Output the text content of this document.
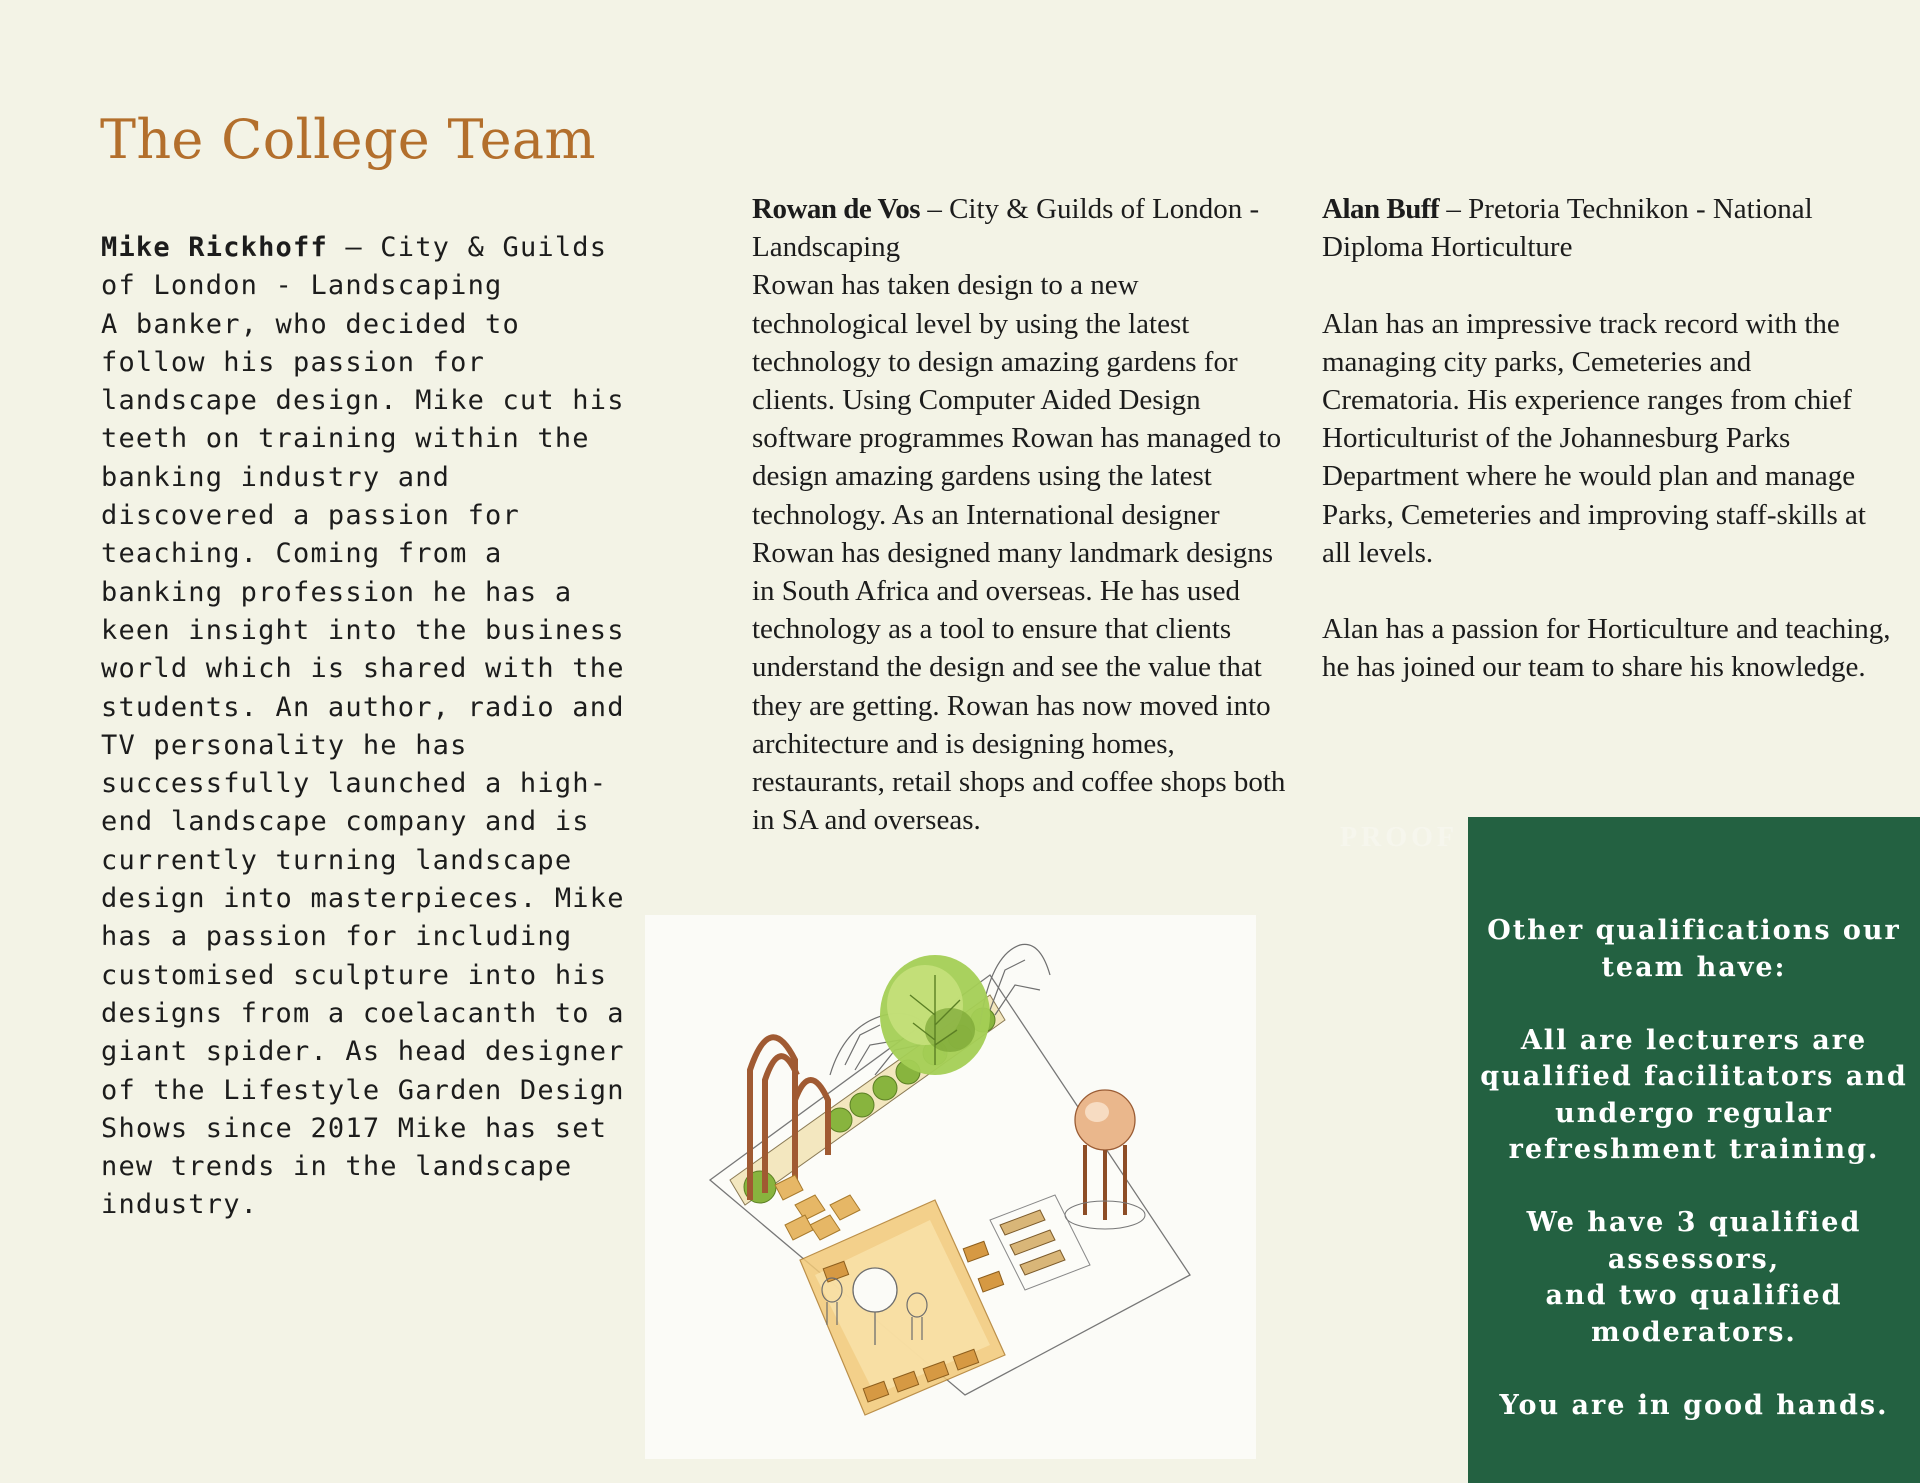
The College Team
Mike Rickhoff – City & Guilds of London - Landscaping
A banker, who decided to follow his passion for landscape design. Mike cut his teeth on training within the banking industry and discovered a passion for teaching. Coming from a banking profession he has a keen insight into the business world which is shared with the students. An author, radio and TV personality he has successfully launched a high-end landscape company and is currently turning landscape design into masterpieces. Mike has a passion for including customised sculpture into his designs from a coelacanth to a giant spider. As head designer of the Lifestyle Garden Design Shows since 2017 Mike has set new trends in the landscape industry.
Rowan de Vos – City & Guilds of London - Landscaping
Rowan has taken design to a new technological level by using the latest technology to design amazing gardens for clients. Using Computer Aided Design software programmes Rowan has managed to design amazing gardens using the latest technology. As an International designer Rowan has designed many landmark designs in South Africa and overseas. He has used technology as a tool to ensure that clients understand the design and see the value that they are getting. Rowan has now moved into architecture and is designing homes, restaurants, retail shops and coffee shops both in SA and overseas.

Alan Buff – Pretoria Technikon - National Diploma Horticulture

Alan has an impressive track record with the managing city parks, Cemeteries and Crematoria. His experience ranges from chief Horticulturist of the Johannesburg Parks Department where he would plan and manage Parks, Cemeteries and improving staff-skills at all levels.

Alan has a passion for Horticulture and teaching, he has joined our team to share his knowledge.

PROOF

Other qualifications our team have:

All are lecturers are qualified facilitators and undergo regular refreshment training.

We have 3 qualified assessors,
and two qualified moderators.

You are in good hands.
